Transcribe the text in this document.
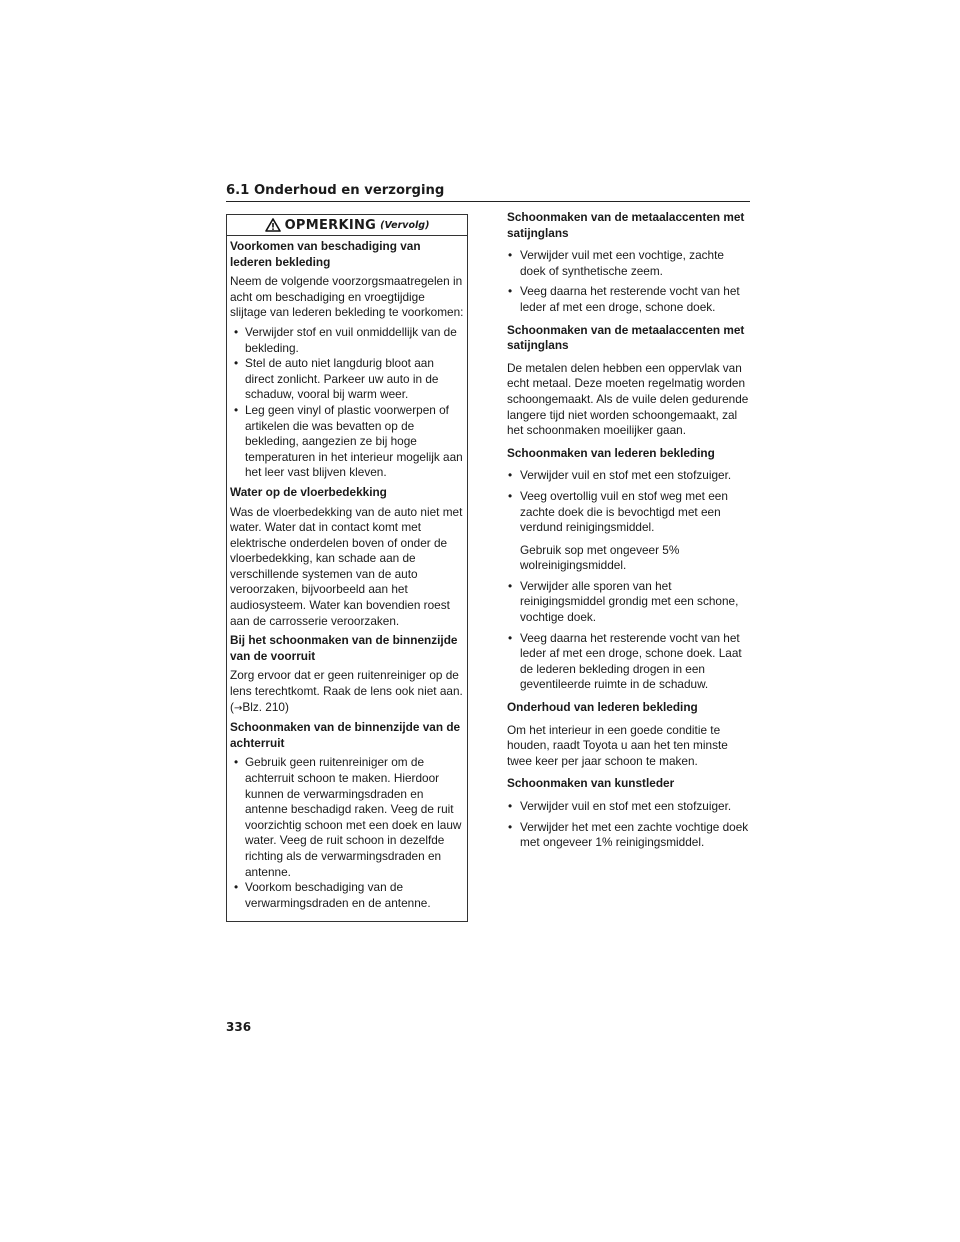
6.1 Onderhoud en verzorging
OPMERKING (Vervolg)
Voorkomen van beschadiging van lederen bekleding
Neem de volgende voorzorgsmaatregelen in acht om beschadiging en vroegtijdige slijtage van lederen bekleding te voorkomen:
• Verwijder stof en vuil onmiddellijk van de bekleding.
• Stel de auto niet langdurig bloot aan direct zonlicht. Parkeer uw auto in de schaduw, vooral bij warm weer.
• Leg geen vinyl of plastic voorwerpen of artikelen die was bevatten op de bekleding, aangezien ze bij hoge temperaturen in het interieur mogelijk aan het leer vast blijven kleven.
Water op de vloerbedekking
Was de vloerbedekking van de auto niet met water. Water dat in contact komt met elektrische onderdelen boven of onder de vloerbedekking, kan schade aan de verschillende systemen van de auto veroorzaken, bijvoorbeeld aan het audiosysteem. Water kan bovendien roest aan de carrosserie veroorzaken.
Bij het schoonmaken van de binnenzijde van de voorruit
Zorg ervoor dat er geen ruitenreiniger op de lens terechtkomt. Raak de lens ook niet aan. (→Blz. 210)
Schoonmaken van de binnenzijde van de achterruit
• Gebruik geen ruitenreiniger om de achterruit schoon te maken. Hierdoor kunnen de verwarmingsdraden en antenne beschadigd raken. Veeg de ruit voorzichtig schoon met een doek en lauw water. Veeg de ruit schoon in dezelfde richting als de verwarmingsdraden en antenne.
• Voorkom beschadiging van de verwarmingsdraden en de antenne.
Schoonmaken van de metaalaccenten met satijnglans
• Verwijder vuil met een vochtige, zachte doek of synthetische zeem.
• Veeg daarna het resterende vocht van het leder af met een droge, schone doek.
Schoonmaken van de metaalaccenten met satijnglans
De metalen delen hebben een oppervlak van echt metaal. Deze moeten regelmatig worden schoongemaakt. Als de vuile delen gedurende langere tijd niet worden schoongemaakt, zal het schoonmaken moeilijker gaan.
Schoonmaken van lederen bekleding
• Verwijder vuil en stof met een stofzuiger.
• Veeg overtollig vuil en stof weg met een zachte doek die is bevochtigd met een verdund reinigingsmiddel.
Gebruik sop met ongeveer 5% wolreinigingsmiddel.
• Verwijder alle sporen van het reinigingsmiddel grondig met een schone, vochtige doek.
• Veeg daarna het resterende vocht van het leder af met een droge, schone doek. Laat de lederen bekleding drogen in een geventileerde ruimte in de schaduw.
Onderhoud van lederen bekleding
Om het interieur in een goede conditie te houden, raadt Toyota u aan het ten minste twee keer per jaar schoon te maken.
Schoonmaken van kunstleder
• Verwijder vuil en stof met een stofzuiger.
• Verwijder het met een zachte vochtige doek met ongeveer 1% reinigingsmiddel.
336
